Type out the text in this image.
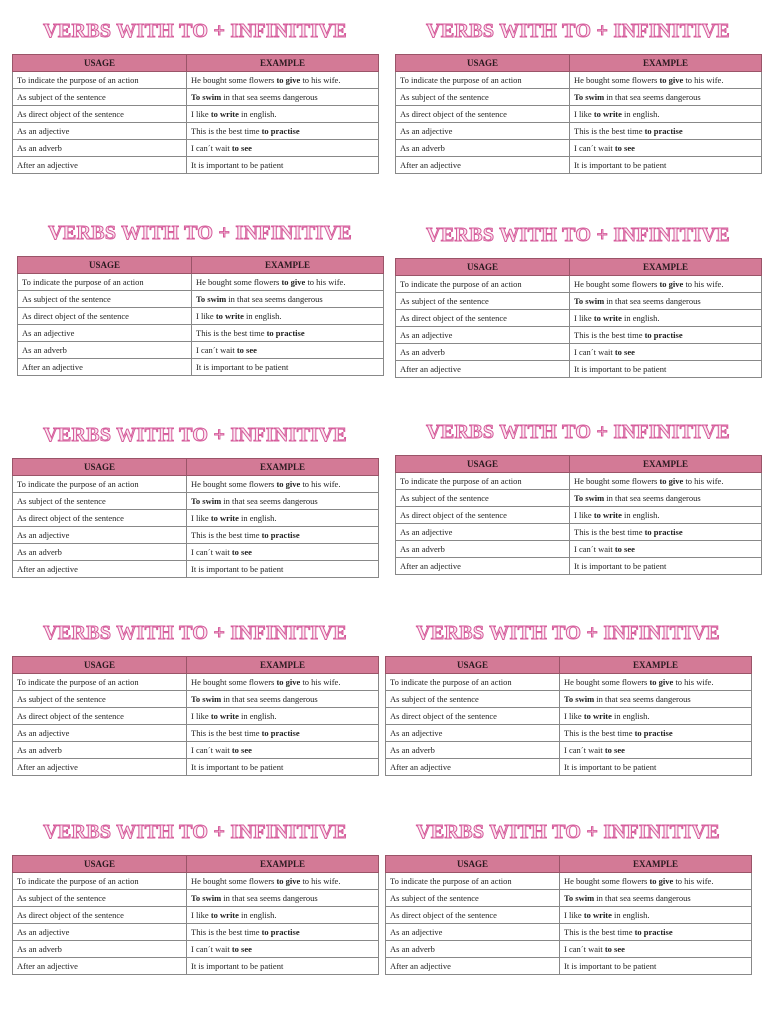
VERBS WITH TO + INFINITIVE
USAGE	EXAMPLE
To indicate the purpose of an action	He bought some flowers to give to his wife.
As subject of the sentence	To swim in that sea seems dangerous
As direct object of the sentence	I like to write in english.
As an adjective	This is the best time to practise
As an adverb	I can´t wait to see
After an adjective	It is important to be patient
VERBS WITH TO + INFINITIVE
USAGE	EXAMPLE
To indicate the purpose of an action	He bought some flowers to give to his wife.
As subject of the sentence	To swim in that sea seems dangerous
As direct object of the sentence	I like to write in english.
As an adjective	This is the best time to practise
As an adverb	I can´t wait to see
After an adjective	It is important to be patient
VERBS WITH TO + INFINITIVE
USAGE	EXAMPLE
To indicate the purpose of an action	He bought some flowers to give to his wife.
As subject of the sentence	To swim in that sea seems dangerous
As direct object of the sentence	I like to write in english.
As an adjective	This is the best time to practise
As an adverb	I can´t wait to see
After an adjective	It is important to be patient
VERBS WITH TO + INFINITIVE
USAGE	EXAMPLE
To indicate the purpose of an action	He bought some flowers to give to his wife.
As subject of the sentence	To swim in that sea seems dangerous
As direct object of the sentence	I like to write in english.
As an adjective	This is the best time to practise
As an adverb	I can´t wait to see
After an adjective	It is important to be patient
VERBS WITH TO + INFINITIVE
USAGE	EXAMPLE
To indicate the purpose of an action	He bought some flowers to give to his wife.
As subject of the sentence	To swim in that sea seems dangerous
As direct object of the sentence	I like to write in english.
As an adjective	This is the best time to practise
As an adverb	I can´t wait to see
After an adjective	It is important to be patient
VERBS WITH TO + INFINITIVE
USAGE	EXAMPLE
To indicate the purpose of an action	He bought some flowers to give to his wife.
As subject of the sentence	To swim in that sea seems dangerous
As direct object of the sentence	I like to write in english.
As an adjective	This is the best time to practise
As an adverb	I can´t wait to see
After an adjective	It is important to be patient
VERBS WITH TO + INFINITIVE
USAGE	EXAMPLE
To indicate the purpose of an action	He bought some flowers to give to his wife.
As subject of the sentence	To swim in that sea seems dangerous
As direct object of the sentence	I like to write in english.
As an adjective	This is the best time to practise
As an adverb	I can´t wait to see
After an adjective	It is important to be patient
VERBS WITH TO + INFINITIVE
USAGE	EXAMPLE
To indicate the purpose of an action	He bought some flowers to give to his wife.
As subject of the sentence	To swim in that sea seems dangerous
As direct object of the sentence	I like to write in english.
As an adjective	This is the best time to practise
As an adverb	I can´t wait to see
After an adjective	It is important to be patient
VERBS WITH TO + INFINITIVE
USAGE	EXAMPLE
To indicate the purpose of an action	He bought some flowers to give to his wife.
As subject of the sentence	To swim in that sea seems dangerous
As direct object of the sentence	I like to write in english.
As an adjective	This is the best time to practise
As an adverb	I can´t wait to see
After an adjective	It is important to be patient
VERBS WITH TO + INFINITIVE
USAGE	EXAMPLE
To indicate the purpose of an action	He bought some flowers to give to his wife.
As subject of the sentence	To swim in that sea seems dangerous
As direct object of the sentence	I like to write in english.
As an adjective	This is the best time to practise
As an adverb	I can´t wait to see
After an adjective	It is important to be patient
